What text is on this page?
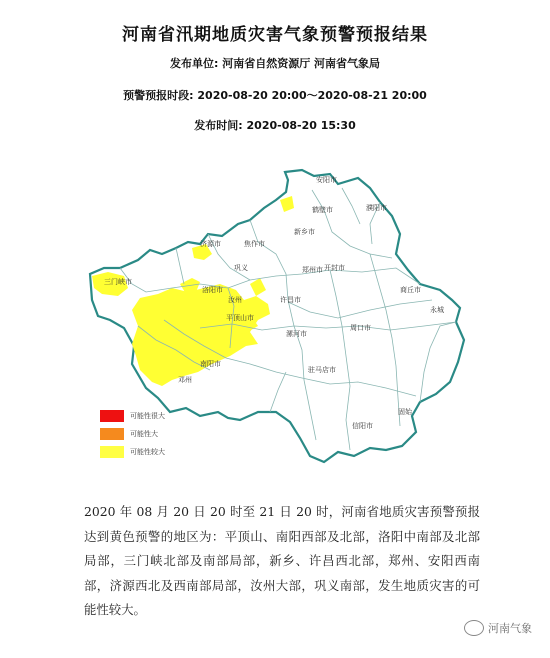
河南省汛期地质灾害气象预警预报结果
发布单位: 河南省自然资源厅 河南省气象局
预警预报时段: 2020-08-20 20:00～2020-08-21 20:00
发布时间: 2020-08-20 15:30
安阳市
鹤壁市	濮阳市
新乡市
焦作市
济源市
三门峡市
洛阳市
郑州市 开封市
商丘市
汝州	许昌市
平顶山市
漯河市
周口市
南阳市
驻马店市
信阳市
巩义
永城
邓州
固始
可能性很大
可能性大
可能性较大
2020 年 08 月 20 日 20 时至 21 日 20 时，河南省地质灾害预警预报达到黄色预警的地区为：平顶山、南阳西部及北部，洛阳中南部及北部局部，三门峡北部及南部局部，新乡、许昌西北部，郑州、安阳西南部，济源西北及西南部局部，汝州大部，巩义南部，发生地质灾害的可能性较大。
河南气象
